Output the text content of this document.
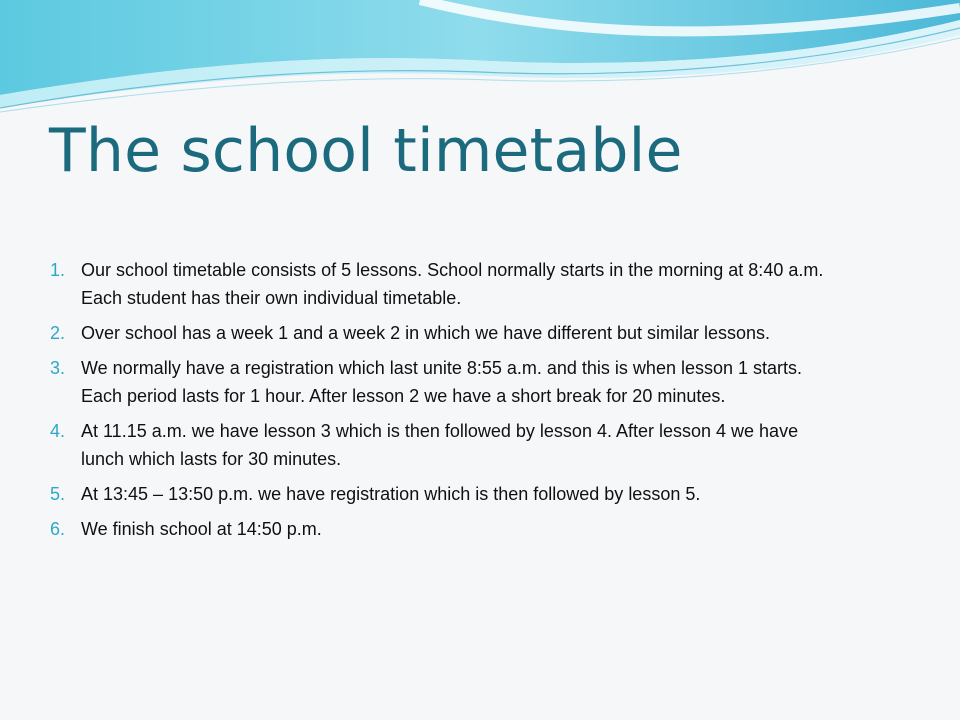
The school timetable
1. Our school timetable consists of 5 lessons. School normally starts in the morning at 8:40 a.m. Each student has their own individual timetable.
2. Over school has a week 1 and a week 2 in which we have different but similar lessons.
3. We normally have a registration which last unite 8:55 a.m. and this is when lesson 1 starts. Each period lasts for 1 hour. After lesson 2 we have a short break for 20 minutes.
4. At 11.15 a.m. we have lesson 3 which is then followed by lesson 4. After lesson 4 we have lunch which lasts for 30 minutes.
5. At 13:45 – 13:50 p.m. we have registration which is then followed by lesson 5.
6. We finish school at 14:50 p.m.
